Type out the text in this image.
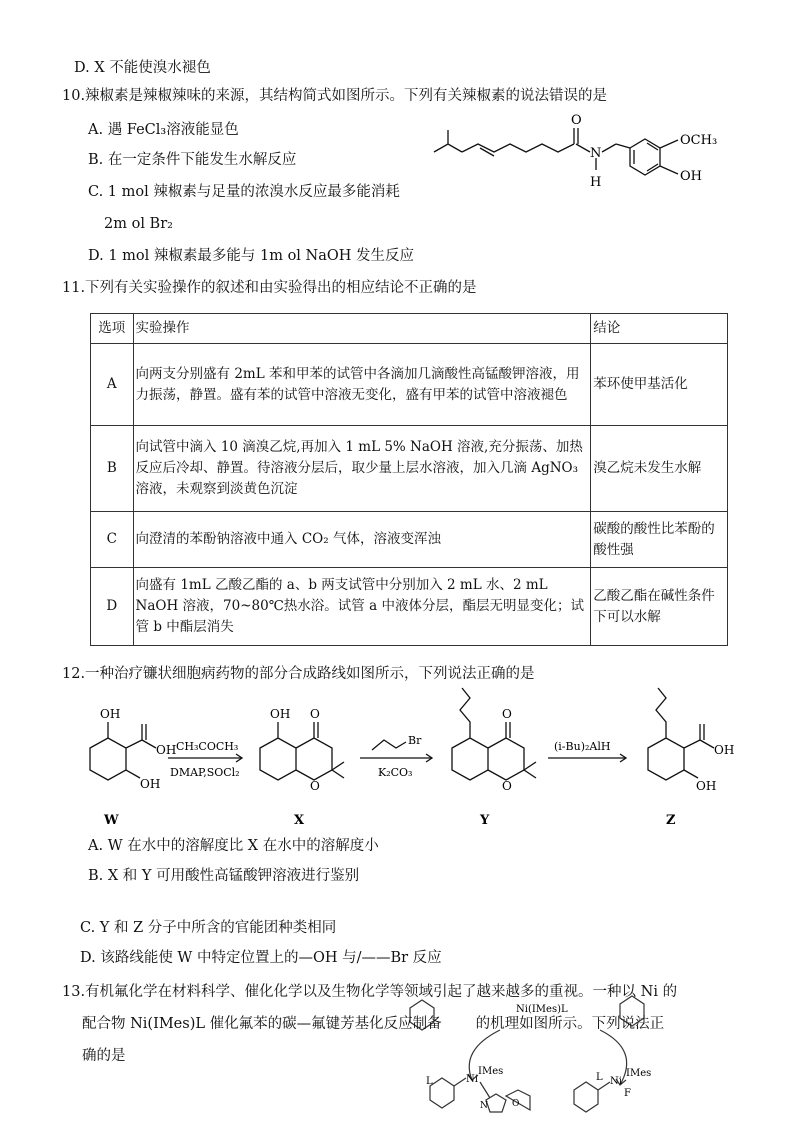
D. X 不能使溴水褪色
10.辣椒素是辣椒辣味的来源，其结构简式如图所示。下列有关辣椒素的说法错误的是
A. 遇 FeCl₃溶液能显色
B. 在一定条件下能发生水解反应
C. 1 mol 辣椒素与足量的浓溴水反应最多能消耗
2m ol Br₂
D. 1 mol 辣椒素最多能与 1m ol NaOH 发生反应
O
N
H
OCH₃
OH
11.下列有关实验操作的叙述和由实验得出的相应结论不正确的是
选项	实验操作	结论
A	向两支分别盛有 2mL 苯和甲苯的试管中各滴加几滴酸性高锰酸钾溶液，用力振荡，静置。盛有苯的试管中溶液无变化，盛有甲苯的试管中溶液褪色	苯环使甲基活化
B	向试管中滴入 10 滴溴乙烷,再加入 1 mL 5% NaOH 溶液,充分振荡、加热反应后冷却、静置。待溶液分层后，取少量上层水溶液，加入几滴 AgNO₃溶液，未观察到淡黄色沉淀	溴乙烷未发生水解
C	向澄清的苯酚钠溶液中通入 CO₂ 气体，溶液变浑浊	碳酸的酸性比苯酚的酸性强
D	向盛有 1mL 乙酸乙酯的 a、b 两支试管中分别加入 2 mL 水、2 mL NaOH 溶液，70~80℃热水浴。试管 a 中液体分层，酯层无明显变化；试管 b 中酯层消失	乙酸乙酯在碱性条件下可以水解
12.一种治疗镰状细胞病药物的部分合成路线如图所示，下列说法正确的是
OH
OH
OH
W
CH₃COCH₃
DMAP,SOCl₂
OH O
O
X
Br
K₂CO₃
O
O
Y
(i-Bu)₂AlH	OH
OH
Z
A. W 在水中的溶解度比 X 在水中的溶解度小
B. X 和 Y 可用酸性高锰酸钾溶液进行鉴别
C. Y 和 Z 分子中所含的官能团种类相同
D. 该路线能使 W 中特定位置上的—OH 与/——Br 反应
13.有机氟化学在材料科学、催化化学以及生物化学等领域引起了越来越多的重视。一种以 Ni 的
配合物 Ni(IMes)L 催化氟苯的碳—氟键芳基化反应制备 的机理如图所示。下列说法正
确的是
Ni(IMes)L
L	Ni
IMes
N	O
L Ni
IMes
F
